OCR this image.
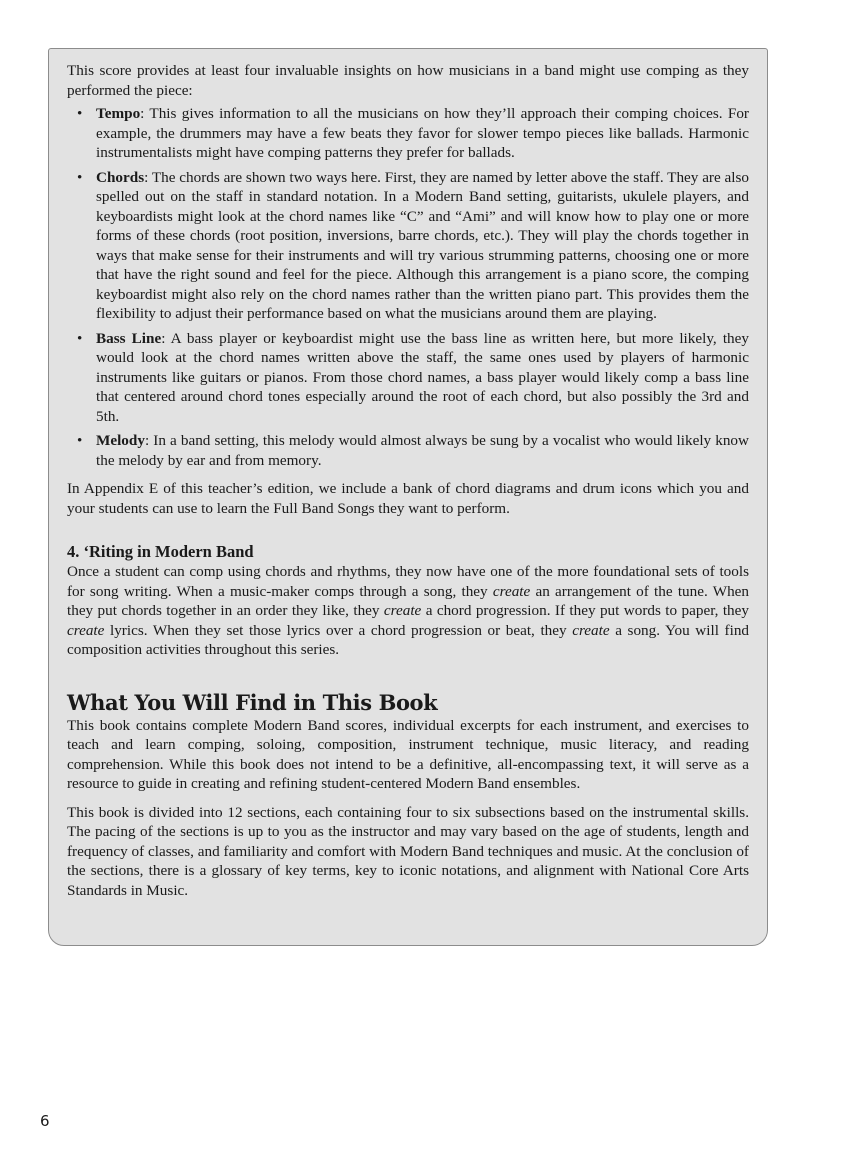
This score provides at least four invaluable insights on how musicians in a band might use comping as they performed the piece:

• Tempo: This gives information to all the musicians on how they’ll approach their comping choices. For example, the drummers may have a few beats they favor for slower tempo pieces like ballads. Harmonic instrumentalists might have comping patterns they prefer for ballads.
• Chords: The chords are shown two ways here. First, they are named by letter above the staff. They are also spelled out on the staff in standard notation. In a Modern Band setting, guitarists, ukulele players, and keyboardists might look at the chord names like “C” and “Ami” and will know how to play one or more forms of these chords (root position, inversions, barre chords, etc.). They will play the chords together in ways that make sense for their instruments and will try various strumming patterns, choosing one or more that have the right sound and feel for the piece. Although this arrangement is a piano score, the comping keyboardist might also rely on the chord names rather than the written piano part. This provides them the flexibility to adjust their performance based on what the musicians around them are playing.
• Bass Line: A bass player or keyboardist might use the bass line as written here, but more likely, they would look at the chord names written above the staff, the same ones used by players of harmonic instruments like guitars or pianos. From those chord names, a bass player would likely comp a bass line that centered around chord tones especially around the root of each chord, but also possibly the 3rd and 5th.
• Melody: In a band setting, this melody would almost always be sung by a vocalist who would likely know the melody by ear and from memory.

In Appendix E of this teacher’s edition, we include a bank of chord diagrams and drum icons which you and your students can use to learn the Full Band Songs they want to perform.

4. ‘Riting in Modern Band

Once a student can comp using chords and rhythms, they now have one of the more foundational sets of tools for song writing. When a music-maker comps through a song, they create an arrangement of the tune. When they put chords together in an order they like, they create a chord progression. If they put words to paper, they create lyrics. When they set those lyrics over a chord progression or beat, they create a song. You will find composition activities throughout this series.

What You Will Find in This Book

This book contains complete Modern Band scores, individual excerpts for each instrument, and exercises to teach and learn comping, soloing, composition, instrument technique, music literacy, and reading comprehension. While this book does not intend to be a definitive, all-encompassing text, it will serve as a resource to guide in creating and refining student-centered Modern Band ensembles.

This book is divided into 12 sections, each containing four to six subsections based on the instrumental skills. The pacing of the sections is up to you as the instructor and may vary based on the age of students, length and frequency of classes, and familiarity and comfort with Modern Band techniques and music. At the conclusion of the sections, there is a glossary of key terms, key to iconic notations, and alignment with National Core Arts Standards in Music.

6
